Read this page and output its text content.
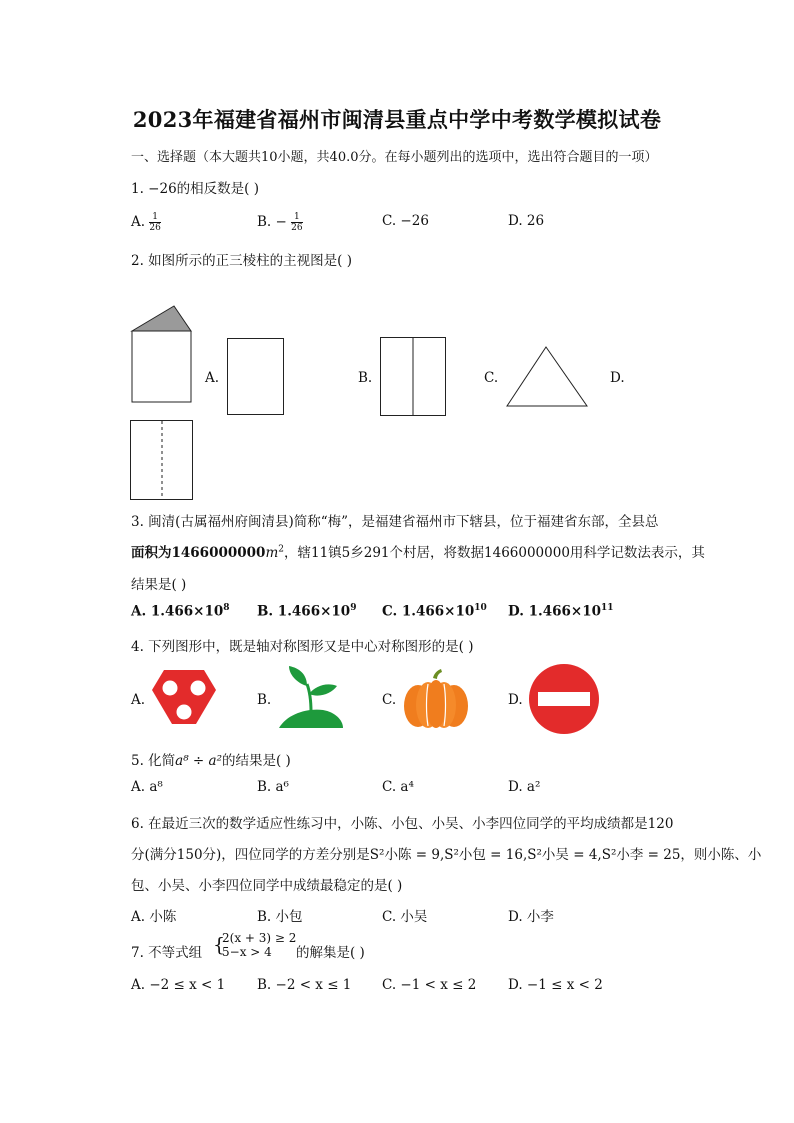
2023年福建省福州市闽清县重点中学中考数学模拟试卷
一、选择题（本大题共10小题，共40.0分。在每小题列出的选项中，选出符合题目的一项）
1. −26的相反数是( )
A. $\frac{1}{26}$	B. − $\frac{1}{26}$	C. −26	D. 26
2. 如图所示的正三棱柱的主视图是( )
A.	B.	C.	D.
3. 闽清(古属福州府闽清县)简称“梅”，是福建省福州市下辖县，位于福建省东部，全县总
面积为$1466000000m^2$，辖11镇5乡291个村居，将数据1466000000用科学记数法表示，其
结果是( )
A. $1.466\times 10^8$ B. $1.466\times 10^9$ C. $1.466\times 10^{10}$ D. $1.466\times 10^{11}$
4. 下列图形中，既是轴对称图形又是中心对称图形的是( )
A.	B.	C.	D.
5. 化简a⁸ ÷ a²的结果是( )
A. a⁸	B. a⁶	C. a⁴	D. a²
6. 在最近三次的数学适应性练习中，小陈、小包、小吴、小李四位同学的平均成绩都是120
分(满分150分)，四位同学的方差分别是S²小陈 = 9,S²小包 = 16,S²小吴 = 4,S²小李 = 25，则小陈、小
包、小吴、小李四位同学中成绩最稳定的是( )
A. 小陈	B. 小包	C. 小吴	D. 小李
7. 不等式组 {
2(x + 3) ≥ 2
5−x > 4	的解集是( )
A. −2 ≤ x < 1 B. −2 < x ≤ 1 C. −1 < x ≤ 2 D. −1 ≤ x < 2
